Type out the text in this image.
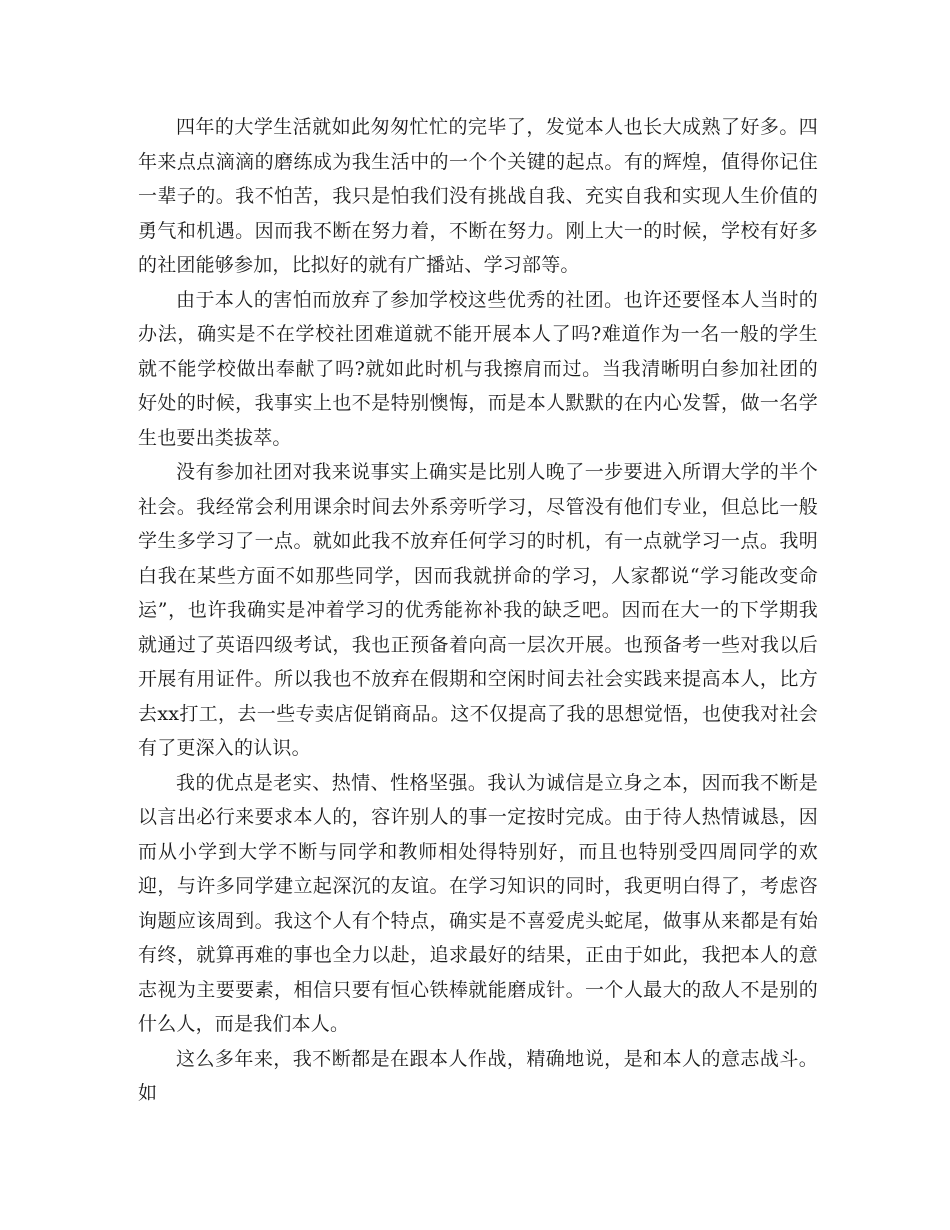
四年的大学生活就如此匆匆忙忙的完毕了，发觉本人也长大成熟了好多。四年来点点滴滴的磨练成为我生活中的一个个关键的起点。有的辉煌，值得你记住一辈子的。我不怕苦，我只是怕我们没有挑战自我、充实自我和实现人生价值的勇气和机遇。因而我不断在努力着，不断在努力。刚上大一的时候，学校有好多的社团能够参加，比拟好的就有广播站、学习部等。

由于本人的害怕而放弃了参加学校这些优秀的社团。也许还要怪本人当时的办法，确实是不在学校社团难道就不能开展本人了吗?难道作为一名一般的学生就不能学校做出奉献了吗?就如此时机与我擦肩而过。当我清晰明白参加社团的好处的时候，我事实上也不是特别懊悔，而是本人默默的在内心发誓，做一名学生也要出类拔萃。

没有参加社团对我来说事实上确实是比别人晚了一步要进入所谓大学的半个社会。我经常会利用课余时间去外系旁听学习，尽管没有他们专业，但总比一般学生多学习了一点。就如此我不放弃任何学习的时机，有一点就学习一点。我明白我在某些方面不如那些同学，因而我就拼命的学习，人家都说“学习能改变命运”，也许我确实是冲着学习的优秀能祢补我的缺乏吧。因而在大一的下学期我就通过了英语四级考试，我也正预备着向高一层次开展。也预备考一些对我以后开展有用证件。所以我也不放弃在假期和空闲时间去社会实践来提高本人，比方去xx打工，去一些专卖店促销商品。这不仅提高了我的思想觉悟，也使我对社会有了更深入的认识。

我的优点是老实、热情、性格坚强。我认为诚信是立身之本，因而我不断是以言出必行来要求本人的，容许别人的事一定按时完成。由于待人热情诚恳，因而从小学到大学不断与同学和教师相处得特别好，而且也特别受四周同学的欢迎，与许多同学建立起深沉的友谊。在学习知识的同时，我更明白得了，考虑咨询题应该周到。我这个人有个特点，确实是不喜爱虎头蛇尾，做事从来都是有始有终，就算再难的事也全力以赴，追求最好的结果，正由于如此，我把本人的意志视为主要要素，相信只要有恒心铁棒就能磨成针。一个人最大的敌人不是别的什么人，而是我们本人。

这么多年来，我不断都是在跟本人作战，精确地说，是和本人的意志战斗。如
